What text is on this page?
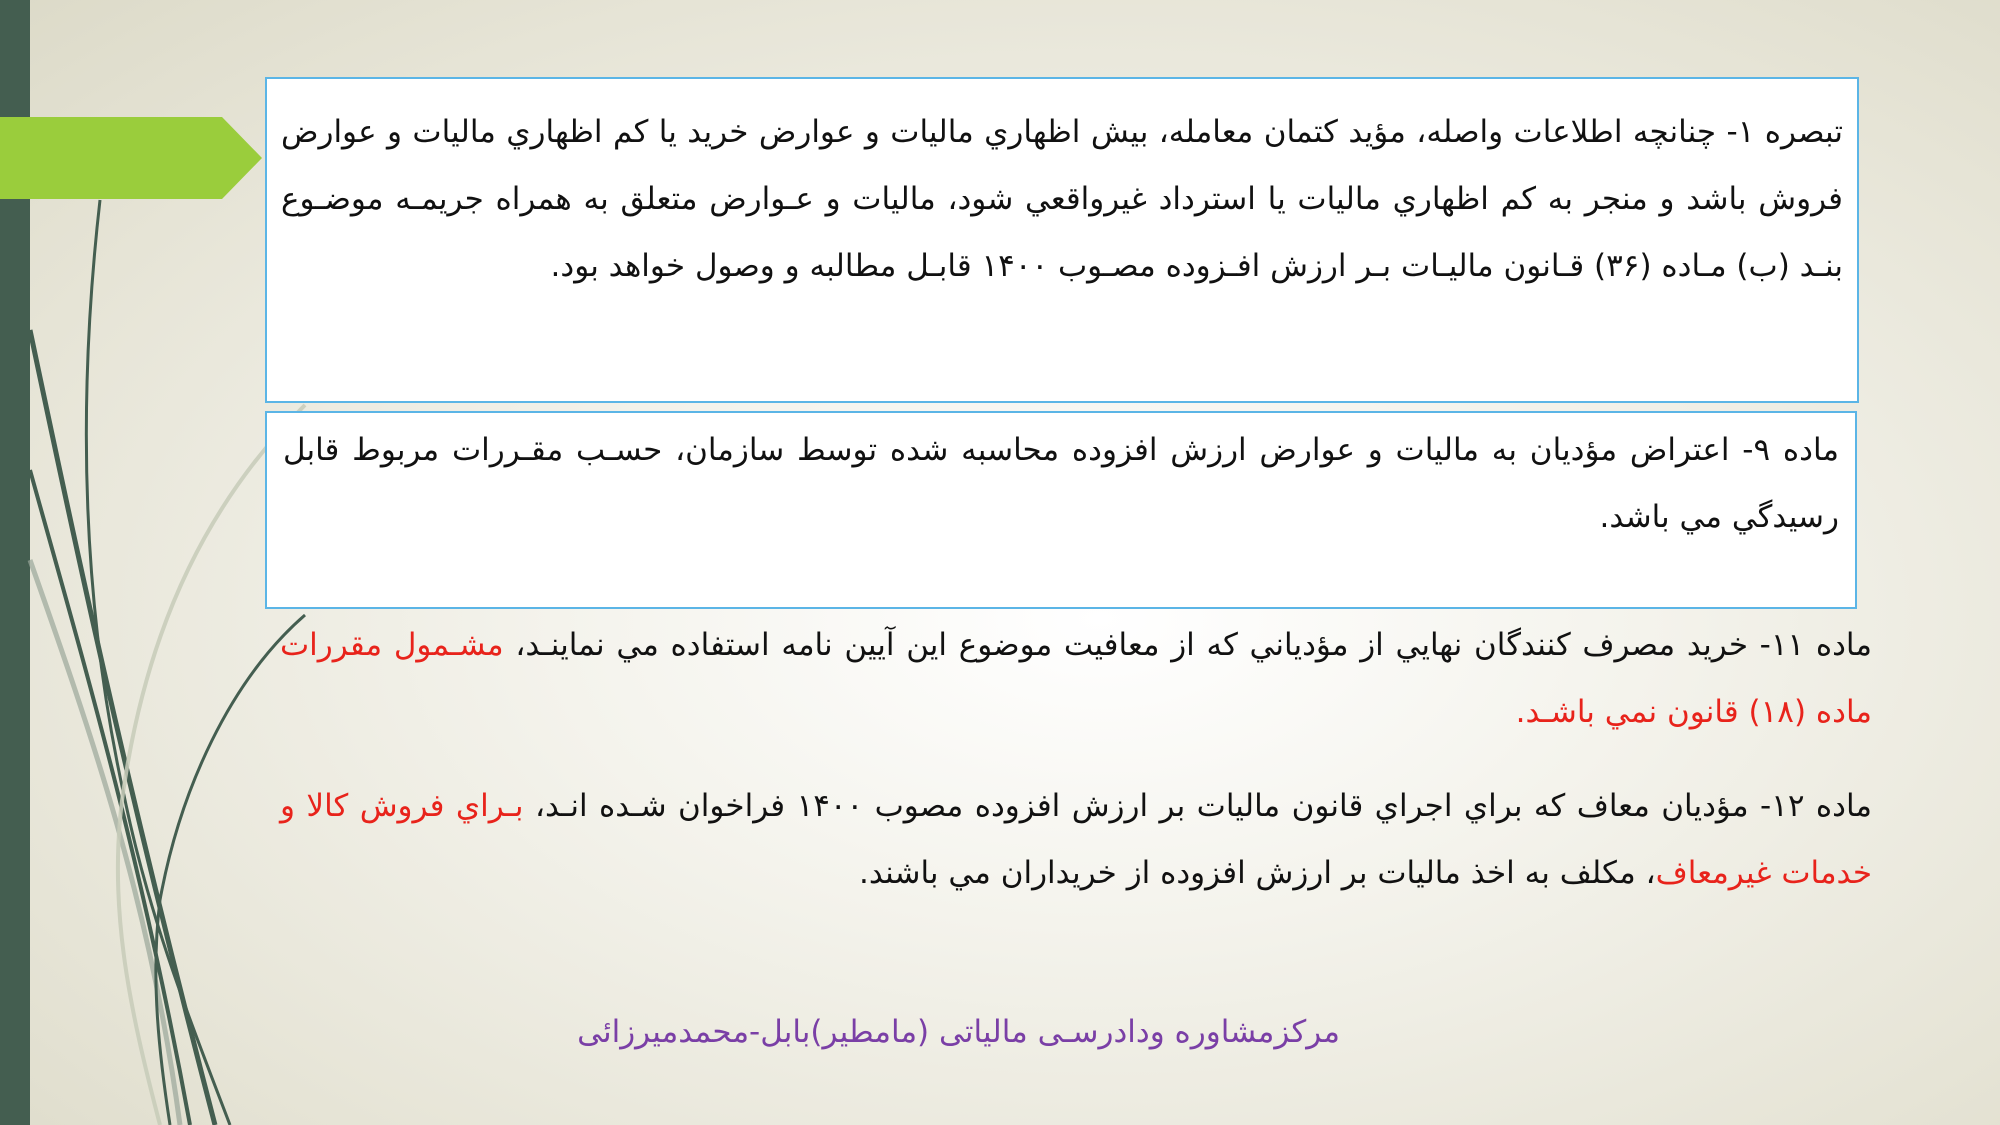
تبصره ۱- چنانچه اطلاعات واصله، مؤيد كتمان معامله، بيش اظهاري ماليات و عوارض خريد يا كم اظهاري ماليات و عوارض فروش باشد و منجر به كم اظهاري ماليات يا استرداد غيرواقعي شود، ماليات و عـوارض متعلق به همراه جريمـه موضـوع بنـد (ب) مـاده (۳۶) قـانون ماليـات بـر ارزش افـزوده مصـوب ۱۴۰۰ قابـل مطالبه و وصول خواهد بود.
ماده ۹- اعتراض مؤديان به ماليات و عوارض ارزش افزوده محاسبه شده توسط سازمان، حسـب مقـررات مربوط قابل رسيدگي مي باشد.
ماده ۱۱- خريد مصرف كنندگان نهايي از مؤدياني كه از معافيت موضوع اين آيين نامه استفاده مي نماينـد، مشـمول مقررات ماده (۱۸) قانون نمي باشـد.
ماده ۱۲- مؤديان معاف كه براي اجراي قانون ماليات بر ارزش افزوده مصوب ۱۴۰۰ فراخوان شـده انـد، بـراي فروش كالا و خدمات غيرمعاف، مكلف به اخذ ماليات بر ارزش افزوده از خريداران مي باشند.
مرکزمشاوره ودادرسـی مالیاتی (مامطیر)بابل-محمدمیرزائی
